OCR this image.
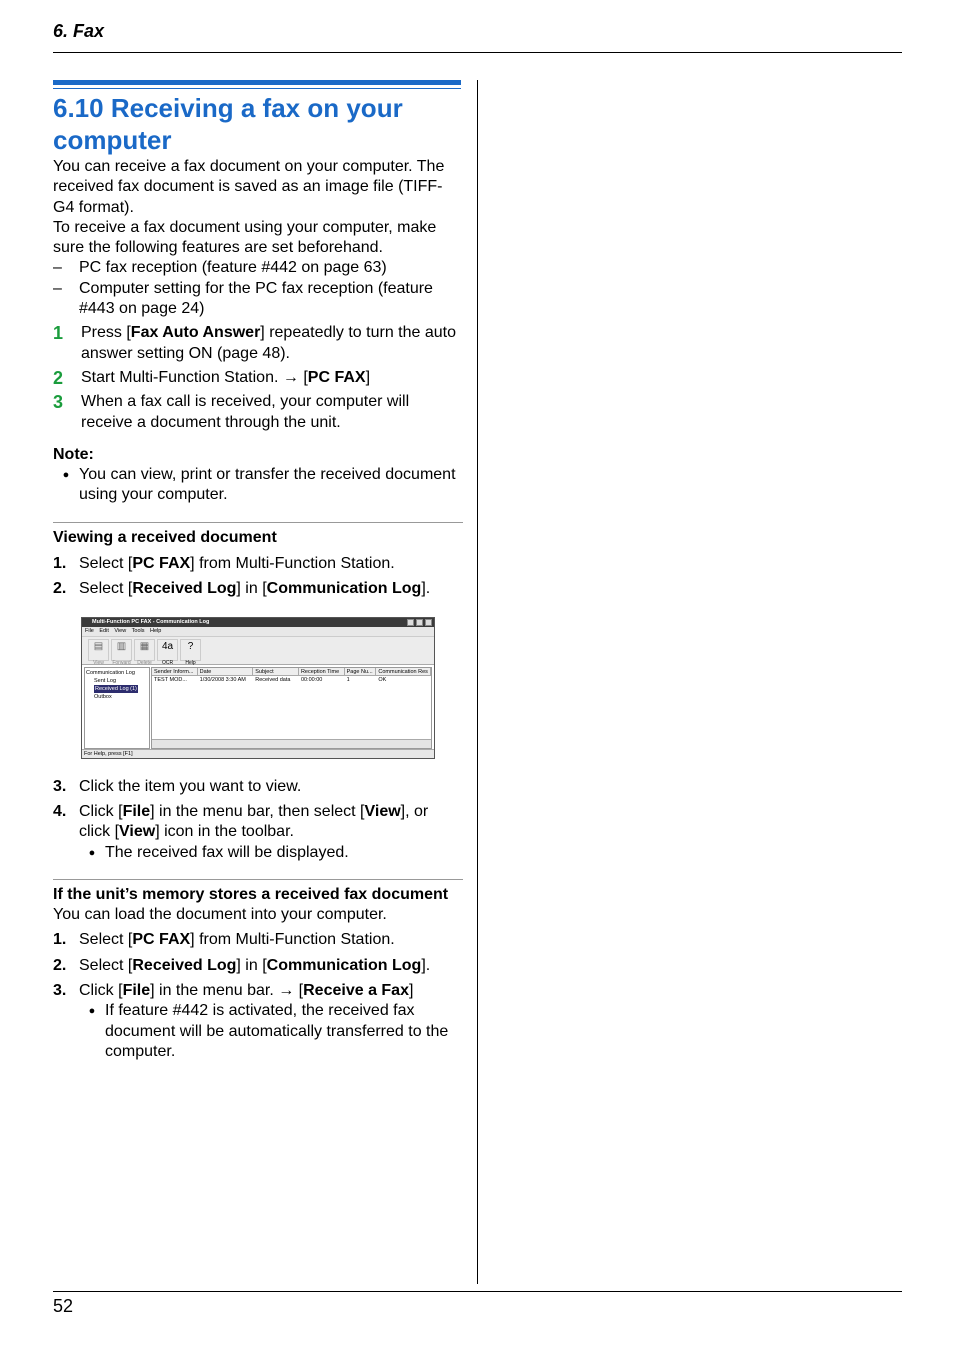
6. Fax
6.10 Receiving a fax on your computer

You can receive a fax document on your computer. The received fax document is saved as an image file (TIFF-G4 format).

To receive a fax document using your computer, make sure the following features are set beforehand.

–	PC fax reception (feature #442 on page 63)
–	Computer setting for the PC fax reception (feature #443 on page 24)
1	Press [Fax Auto Answer] repeatedly to turn the auto answer setting ON (page 48).
2	Start Multi-Function Station. → [PC FAX]
3	When a fax call is received, your computer will receive a document through the unit.
Note:
● You can view, print or transfer the received document using your computer.
Viewing a received document
1. Select [PC FAX] from Multi-Function Station.
2. Select [Received Log] in [Communication Log].
Multi-Function PC FAX - Communication Log
File Edit View Tools Help
▤
View
▥
Forward
▦
Delete
4a
OCR
?
Help
Communication Log
Sent Log
Received Log (1)
Outbox
Sender Inform...	Date	Subject	Reception Time	Page Nu...	Communication Res
TEST MOD...	1/30/2008 3:30 AM	Received data	00:00:00	1	OK
For Help, press [F1]
3. Click the item you want to view.
4. Click [File] in the menu bar, then select [View], or click [View] icon in the toolbar.
● The received fax will be displayed.
If the unit’s memory stores a received fax document

You can load the document into your computer.

1. Select [PC FAX] from Multi-Function Station.
2. Select [Received Log] in [Communication Log].
3. Click [File] in the menu bar. → [Receive a Fax]
● If feature #442 is activated, the received fax document will be automatically transferred to the computer.
52
